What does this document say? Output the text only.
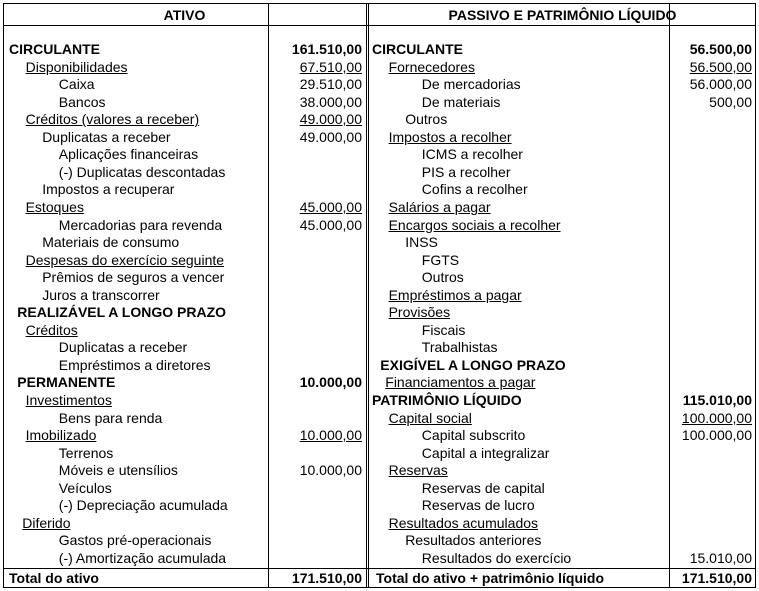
ATIVO	PASSIVO E PATRIMÔNIO LÍQUIDO
CIRCULANTE	161.510,00
Disponibilidades	67.510,00
Caixa	29.510,00
Bancos	38.000,00
Créditos (valores a receber)	49.000,00
Duplicatas a receber	49.000,00
Aplicações financeiras
(-) Duplicatas descontadas
Impostos a recuperar
Estoques	45.000,00
Mercadorias para revenda	45.000,00
Materiais de consumo
Despesas do exercício seguinte
Prêmios de seguros a vencer
Juros a transcorrer
REALIZÁVEL A LONGO PRAZO
Créditos
Duplicatas a receber
Empréstimos a diretores
PERMANENTE	10.000,00
Investimentos
Bens para renda
Imobilizado	10.000,00
Terrenos
Móveis e utensílios	10.000,00
Veículos
(-) Depreciação acumulada
Diferido
Gastos pré-operacionais
(-) Amortização acumulada
CIRCULANTE	56.500,00
Fornecedores	56.500,00
De mercadorias	56.000,00
De materiais	500,00
Outros
Impostos a recolher
ICMS a recolher
PIS a recolher
Cofins a recolher
Salários a pagar
Encargos sociais a recolher
INSS
FGTS
Outros
Empréstimos a pagar
Provisões
Fiscais
Trabalhistas
EXIGÍVEL A LONGO PRAZO
Financiamentos a pagar
PATRIMÔNIO LÍQUIDO	115.010,00
Capital social	100.000,00
Capital subscrito	100.000,00
Capital a integralizar
Reservas
Reservas de capital
Reservas de lucro
Resultados acumulados
Resultados anteriores
Resultados do exercício	15.010,00
Total do ativo	171.510,00 Total do ativo + patrimônio líquido	171.510,00
